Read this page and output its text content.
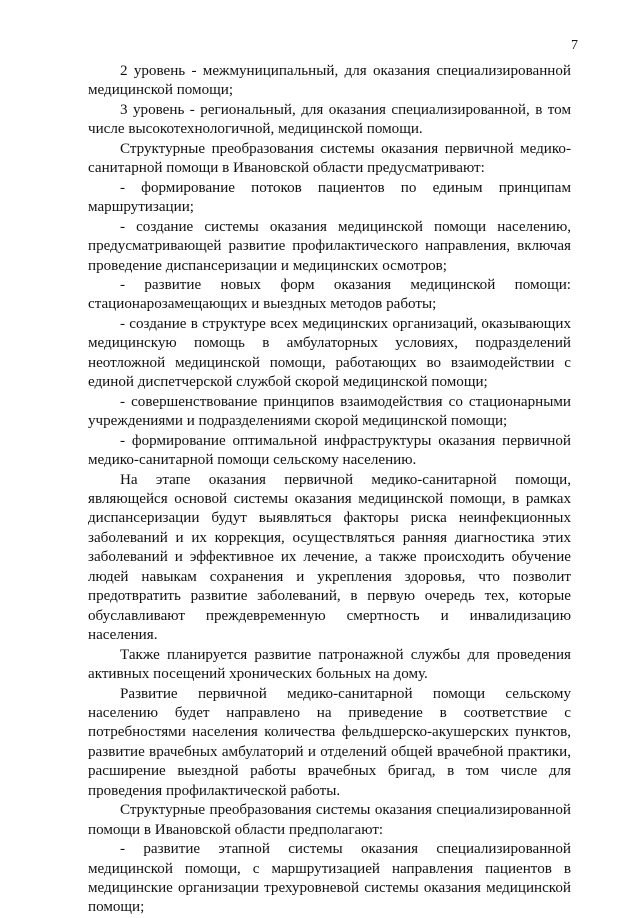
7

2 уровень - межмуниципальный, для оказания специализированной медицинской помощи;

3 уровень - региональный, для оказания специализированной, в том числе высокотехнологичной, медицинской помощи.

Структурные преобразования системы оказания первичной медико-санитарной помощи в Ивановской области предусматривают:

- формирование потоков пациентов по единым принципам маршрутизации;

- создание системы оказания медицинской помощи населению, предусматривающей развитие профилактического направления, включая проведение диспансеризации и медицинских осмотров;

- развитие новых форм оказания медицинской помощи: стационарозамещающих и выездных методов работы;

- создание в структуре всех медицинских организаций, оказывающих медицинскую помощь в амбулаторных условиях, подразделений неотложной медицинской помощи, работающих во взаимодействии с единой диспетчерской службой скорой медицинской помощи;

- совершенствование принципов взаимодействия со стационарными учреждениями и подразделениями скорой медицинской помощи;

- формирование оптимальной инфраструктуры оказания первичной медико-санитарной помощи сельскому населению.

На этапе оказания первичной медико-санитарной помощи, являющейся основой системы оказания медицинской помощи, в рамках диспансеризации будут выявляться факторы риска неинфекционных заболеваний и их коррекция, осуществляться ранняя диагностика этих заболеваний и эффективное их лечение, а также происходить обучение людей навыкам сохранения и укрепления здоровья, что позволит предотвратить развитие заболеваний, в первую очередь тех, которые обуславливают преждевременную смертность и инвалидизацию населения.

Также планируется развитие патронажной службы для проведения активных посещений хронических больных на дому.

Развитие первичной медико-санитарной помощи сельскому населению будет направлено на приведение в соответствие с потребностями населения количества фельдшерско-акушерских пунктов, развитие врачебных амбулаторий и отделений общей врачебной практики, расширение выездной работы врачебных бригад, в том числе для проведения профилактической работы.

Структурные преобразования системы оказания специализированной помощи в Ивановской области предполагают:

- развитие этапной системы оказания специализированной медицинской помощи, с маршрутизацией направления пациентов в медицинские организации трехуровневой системы оказания медицинской помощи;
